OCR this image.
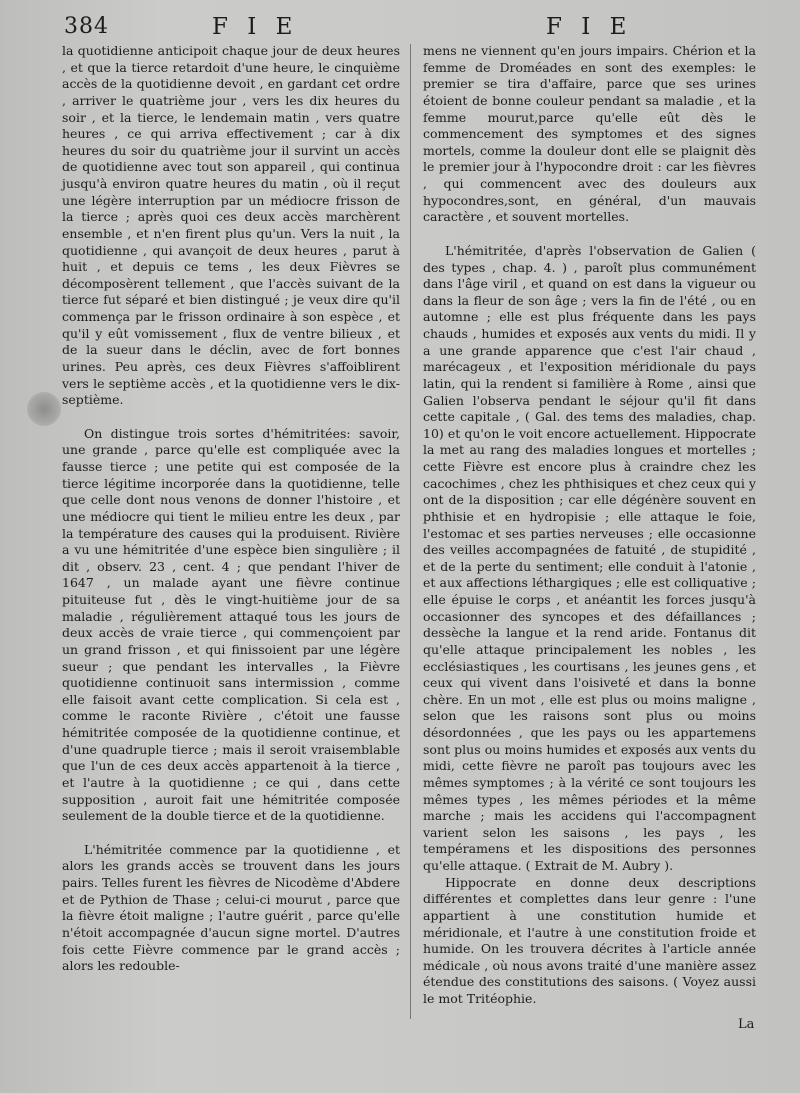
384	F I E	F I E

la quotidienne anticipoit chaque jour de deux heures , et que la tierce retardoit d'une heure, le cinquième accès de la quotidienne devoit , en gardant cet ordre , arriver le quatrième jour , vers les dix heures du soir , et la tierce, le lendemain matin , vers quatre heures , ce qui arriva effectivement ; car à dix heures du soir du quatrième jour il survint un accès de quotidienne avec tout son appareil , qui continua jusqu'à environ quatre heures du matin , où il reçut une légère interruption par un médiocre frisson de la tierce ; après quoi ces deux accès marchèrent ensemble , et n'en firent plus qu'un. Vers la nuit , la quotidienne , qui avançoit de deux heures , parut à huit , et depuis ce tems , les deux Fièvres se décomposèrent tellement , que l'accès suivant de la tierce fut séparé et bien distingué ; je veux dire qu'il commença par le frisson ordinaire à son espèce , et qu'il y eût vomissement , flux de ventre bilieux , et de la sueur dans le déclin, avec de fort bonnes urines. Peu après, ces deux Fièvres s'affoiblirent vers le septième accès , et la quotidienne vers le dix-septième.

On distingue trois sortes d'hémitritées: savoir, une grande , parce qu'elle est compliquée avec la fausse tierce ; une petite qui est composée de la tierce légitime incorporée dans la quotidienne, telle que celle dont nous venons de donner l'histoire , et une médiocre qui tient le milieu entre les deux , par la température des causes qui la produisent. Rivière a vu une hémitritée d'une espèce bien singulière ; il dit , observ. 23 , cent. 4 ; que pendant l'hiver de 1647 , un malade ayant une fièvre continue pituiteuse fut , dès le vingt-huitième jour de sa maladie , régulièrement attaqué tous les jours de deux accès de vraie tierce , qui commençoient par un grand frisson , et qui finissoient par une légère sueur ; que pendant les intervalles , la Fièvre quotidienne continuoit sans intermission , comme elle faisoit avant cette complication. Si cela est , comme le raconte Rivière , c'étoit une fausse hémitritée composée de la quotidienne continue, et d'une quadruple tierce ; mais il seroit vraisemblable que l'un de ces deux accès appartenoit à la tierce , et l'autre à la quotidienne ; ce qui , dans cette supposition , auroit fait une hémitritée composée seulement de la double tierce et de la quotidienne.

L'hémitritée commence par la quotidienne , et alors les grands accès se trouvent dans les jours pairs. Telles furent les fièvres de Nicodème d'Abdere et de Pythion de Thase ; celui-ci mourut , parce que la fièvre étoit maligne ; l'autre guérit , parce qu'elle n'étoit accompagnée d'aucun signe mortel. D'autres fois cette Fièvre commence par le grand accès ; alors les redouble-

mens ne viennent qu'en jours impairs. Chérion et la femme de Droméades en sont des exemples: le premier se tira d'affaire, parce que ses urines étoient de bonne couleur pendant sa maladie , et la femme mourut,parce qu'elle eût dès le commencement des symptomes et des signes mortels, comme la douleur dont elle se plaignit dès le premier jour à l'hypocondre droit : car les fièvres , qui commencent avec des douleurs aux hypocondres,sont, en général, d'un mauvais caractère , et souvent mortelles.

L'hémitritée, d'après l'observation de Galien ( des types , chap. 4. ) , paroît plus communément dans l'âge viril , et quand on est dans la vigueur ou dans la fleur de son âge ; vers la fin de l'été , ou en automne ; elle est plus fréquente dans les pays chauds , humides et exposés aux vents du midi. Il y a une grande apparence que c'est l'air chaud , marécageux , et l'exposition méridionale du pays latin, qui la rendent si familière à Rome , ainsi que Galien l'observa pendant le séjour qu'il fit dans cette capitale , ( Gal. des tems des maladies, chap. 10) et qu'on le voit encore actuellement. Hippocrate la met au rang des maladies longues et mortelles ; cette Fièvre est encore plus à craindre chez les cacochimes , chez les phthisiques et chez ceux qui y ont de la disposition ; car elle dégénère souvent en phthisie et en hydropisie ; elle attaque le foie, l'estomac et ses parties nerveuses ; elle occasionne des veilles accompagnées de fatuité , de stupidité , et de la perte du sentiment; elle conduit à l'atonie , et aux affections léthargiques ; elle est colliquative ; elle épuise le corps , et anéantit les forces jusqu'à occasionner des syncopes et des défaillances ; dessèche la langue et la rend aride. Fontanus dit qu'elle attaque principalement les nobles , les ecclésiastiques , les courtisans , les jeunes gens , et ceux qui vivent dans l'oisiveté et dans la bonne chère. En un mot , elle est plus ou moins maligne , selon que les raisons sont plus ou moins désordonnées , que les pays ou les appartemens sont plus ou moins humides et exposés aux vents du midi, cette fièvre ne paroît pas toujours avec les mêmes symptomes ; à la vérité ce sont toujours les mêmes types , les mêmes périodes et la même marche ; mais les accidens qui l'accompagnent varient selon les saisons , les pays , les tempéramens et les dispositions des personnes qu'elle attaque. ( Extrait de M. Aubry ).

Hippocrate en donne deux descriptions différentes et complettes dans leur genre : l'une appartient à une constitution humide et méridionale, et l'autre à une constitution froide et humide. On les trouvera décrites à l'article année médicale , où nous avons traité d'une manière assez étendue des constitutions des saisons. ( Voyez aussi le mot Tritéophie.

La
